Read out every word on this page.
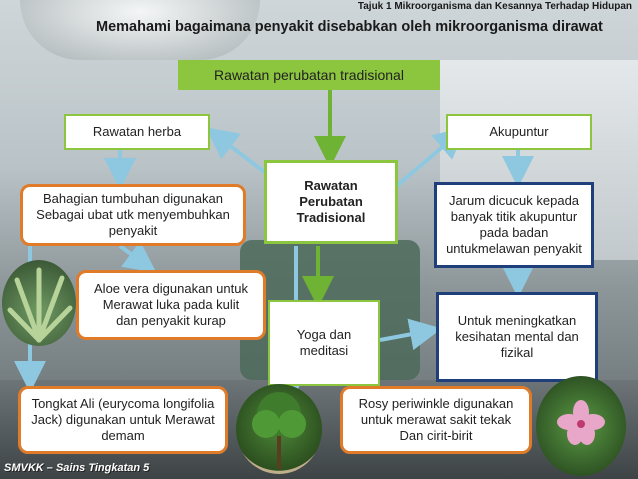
Tajuk 1 Mikroorganisma dan Kesannya Terhadap Hidupan
Memahami bagaimana penyakit disebabkan oleh mikroorganisma dirawat
Rawatan perubatan tradisional
Rawatan
Perubatan
Tradisional
Rawatan herba	Akupuntur
Bahagian tumbuhan digunakan Sebagai ubat utk menyembuhkan penyakit
Jarum dicucuk kepada banyak titik akupuntur pada badan untukmelawan penyakit
Aloe vera digunakan untuk Merawat luka pada kulit dan penyakit kurap
Yoga dan meditasi
Untuk meningkatkan kesihatan mental dan fizikal
Tongkat Ali (eurycoma longifolia Jack) digunakan untuk Merawat demam
Rosy periwinkle digunakan untuk merawat sakit tekak Dan cirit-birit
SMVKK – Sains Tingkatan 5
